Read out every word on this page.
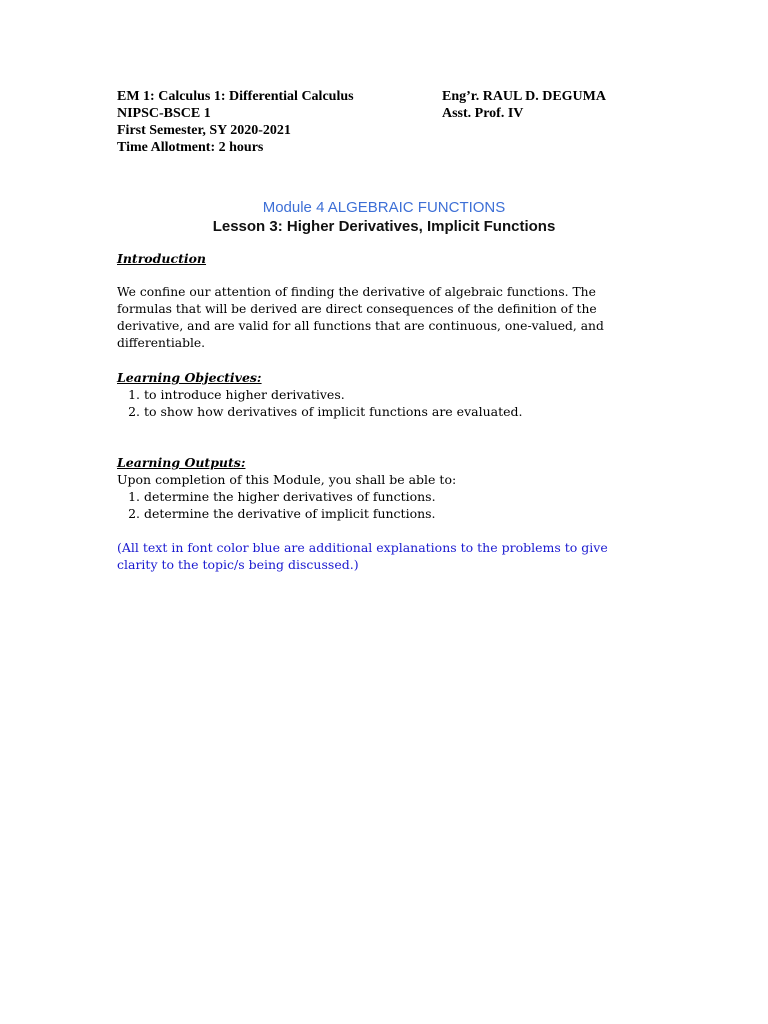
EM 1: Calculus 1: Differential Calculus	Eng’r. RAUL D. DEGUMA
NIPSC-BSCE 1	Asst. Prof. IV
First Semester, SY 2020-2021
Time Allotment: 2 hours
Module 4 ALGEBRAIC FUNCTIONS
Lesson 3: Higher Derivatives, Implicit Functions

Introduction

We confine our attention of finding the derivative of algebraic functions. The formulas that will be derived are direct consequences of the definition of the derivative, and are valid for all functions that are continuous, one-valued, and differentiable.

Learning Objectives:

1. to introduce higher derivatives.
2. to show how derivatives of implicit functions are evaluated.

Learning Outputs:

Upon completion of this Module, you shall be able to:

1. determine the higher derivatives of functions.
2. determine the derivative of implicit functions.

(All text in font color blue are additional explanations to the problems to give clarity to the topic/s being discussed.)
